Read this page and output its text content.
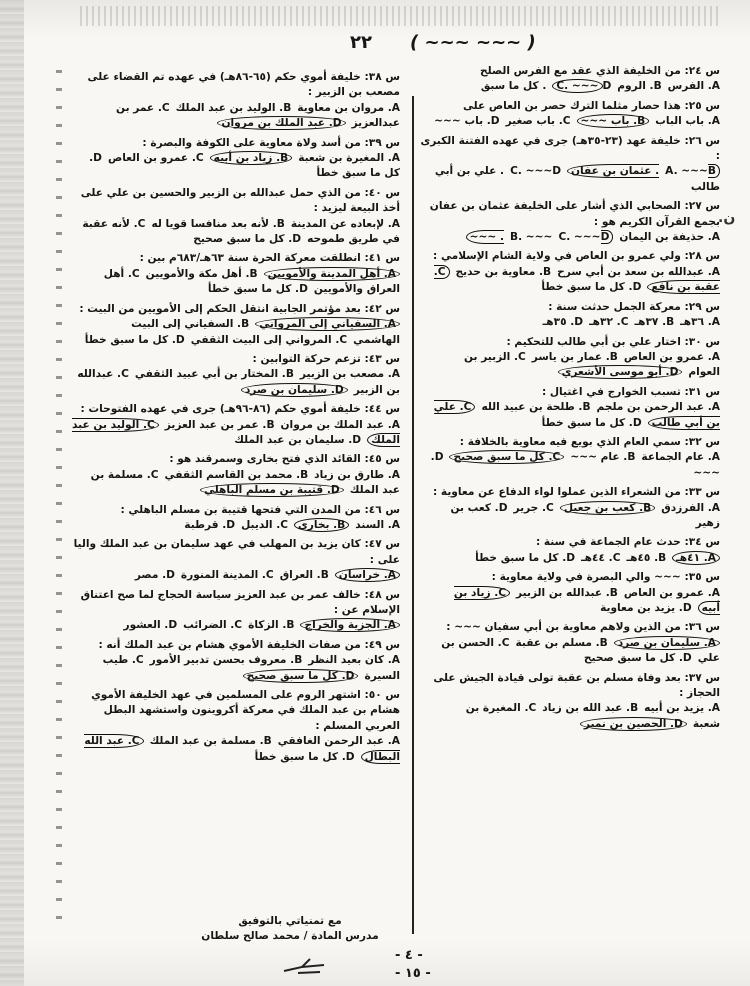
٢٢ ( ~~~ ~~~ )
.ن
س ٢٤: من الخليفة الذي عقد مع الفرس الصلح
A. الفرسB. الرومC. ~~~D. كل ما سبق
س ٢٥: هذا حصار مثلما الترك حصر بن العاص على
A. باب البابB. باب ~~~C. باب صغيرD. باب ~~~
س ٢٦: خليفة عهد (٢٣-٣٥هـ) جرى في عهده الفتنة الكبرى :
A. ~~~B. عثمان بن عفانC. ~~~D. علي بن أبي طالب
س ٢٧: الصحابي الذي أشار على الخليفة عثمان بن عفان بجمع القرآن الكريم هو :
A. حذيفة بن اليمانB. ~~~ C. ~~~D. ~~~
س ٢٨: ولي عمرو بن العاص في ولاية الشام الإسلامي :
A. عبدالله بن سعد بن أبي سرحB. معاوية بن حديجC. عقبة بن نافعD. كل ما سبق خطأ
س ٢٩: معركة الجمل حدثت سنة :
A. ٣٦هـB. ٣٧هـC. ٣٢هـD. ٣٥هـ
س ٣٠: اختار علي بن أبي طالب للتحكيم :
A. عمرو بن العاصB. عمار بن ياسرC. الزبير بن العوامD. أبو موسى الأشعري
س ٣١: تسبب الخوارج في اغتيال :
A. عبد الرحمن بن ملجمB. طلحة بن عبيد اللهC. علي بن أبي طالبD. كل ما سبق خطأ
س ٣٢: سمي العام الذي بويع فيه معاوية بالخلافة :
A. عام الجماعةB. عام ~~~C. كل ما سبق صحيحD. ~~~
س ٣٣: من الشعراء الذين عملوا لواء الدفاع عن معاوية :
A. الفرزدقB. كعب بن جعيلC. جريرD. كعب بن زهير
س ٣٤: حدث عام الجماعة في سنة :
A. ٤١هـB. ٤٥هـC. ٤٤هـD. كل ما سبق خطأ
س ٣٥: ~~~ والي البصرة في ولاية معاوية :
A. عمرو بن العاصB. عبدالله بن الزبيرC. زياد بن أبيهD. يزيد بن معاوية
س ٣٦: من الذين ولاهم معاوية بن أبي سفيان ~~~ :
A. سليمان بن صردB. مسلم بن عقبةC. الحسن بن عليD. كل ما سبق صحيح
س ٣٧: بعد وفاة مسلم بن عقبة تولى قيادة الجيش على الحجاز :
A. يزيد بن أبيهB. عبد الله بن زيادC. المغيرة بن شعبةD. الحصين بن نمير
س ٣٨: خليفة أموي حكم (٦٥-٨٦هـ) في عهده تم القضاء على مصعب بن الزبير :
A. مروان بن معاويةB. الوليد بن عبد الملكC. عمر بن عبدالعزيزD. عبد الملك بن مروان
س ٣٩: من أسد ولاة معاوية على الكوفة والبصرة :
A. المغيرة بن شعبةB. زياد بن أبيهC. عمرو بن العاصD. كل ما سبق خطأ
س ٤٠: من الذي حمل عبدالله بن الزبير والحسين بن علي على أخذ البيعة ليزيد :
A. لإبعاده عن المدينةB. لأنه بعد منافسا قويا لهC. لأنه عقبة في طريق طموحهD. كل ما سبق صحيح
س ٤١: انطلقت معركة الحرة سنة ٦٣هـ/٦٨٣م بين :
A. أهل المدينة والأمويينB. أهل مكة والأمويينC. أهل العراق والأمويينD. كل ما سبق خطأ
س ٤٢: بعد مؤتمر الجابية انتقل الحكم إلى الأمويين من البيت :
A. السفياني إلى المروانيB. السفياني إلى البيت الهاشميC. المرواني إلى البيت الثقفيD. كل ما سبق خطأ
س ٤٣: تزعم حركة التوابين :
A. مصعب بن الزبيرB. المختار بن أبي عبيد الثقفيC. عبدالله بن الزبيرD. سليمان بن صرد
س ٤٤: خليفة أموي حكم (٨٦-٩٦هـ) جرى في عهده الفتوحات :
A. عبد الملك بن مروانB. عمر بن عبد العزيزC. الوليد بن عبد الملكD. سليمان بن عبد الملك
س ٤٥: القائد الذي فتح بخارى وسمرقند هو :
A. طارق بن زيادB. محمد بن القاسم الثقفيC. مسلمة بن عبد الملكD. قتيبة بن مسلم الباهلي
س ٤٦: من المدن التي فتحها قتيبة بن مسلم الباهلي :
A. السندB. بخارىC. الديبلD. قرطبة
س ٤٧: كان يزيد بن المهلب في عهد سليمان بن عبد الملك واليا على :
A. خراسانB. العراقC. المدينة المنورةD. مصر
س ٤٨: خالف عمر بن عبد العزيز سياسة الحجاج لما صح اعتناق الإسلام عن :
A. الجزية والخراجB. الزكاةC. الضرائبD. العشور
س ٤٩: من صفات الخليفة الأموي هشام بن عبد الملك أنه :
A. كان بعيد النظرB. معروف بحسن تدبير الأمورC. طيب السيرةD. كل ما سبق صحيح
س ٥٠: اشتهر الروم على المسلمين في عهد الخليفة الأموي هشام بن عبد الملك في معركة أكروينون واستشهد البطل العربي المسلم :
A. عبد الرحمن الغافقيB. مسلمة بن عبد الملكC. عبد الله البطالD. كل ما سبق خطأ
مع تمنياتي بالتوفيق
مدرس المادة / محمد صالح سلطان
- ٤ -
- ١٥ -
